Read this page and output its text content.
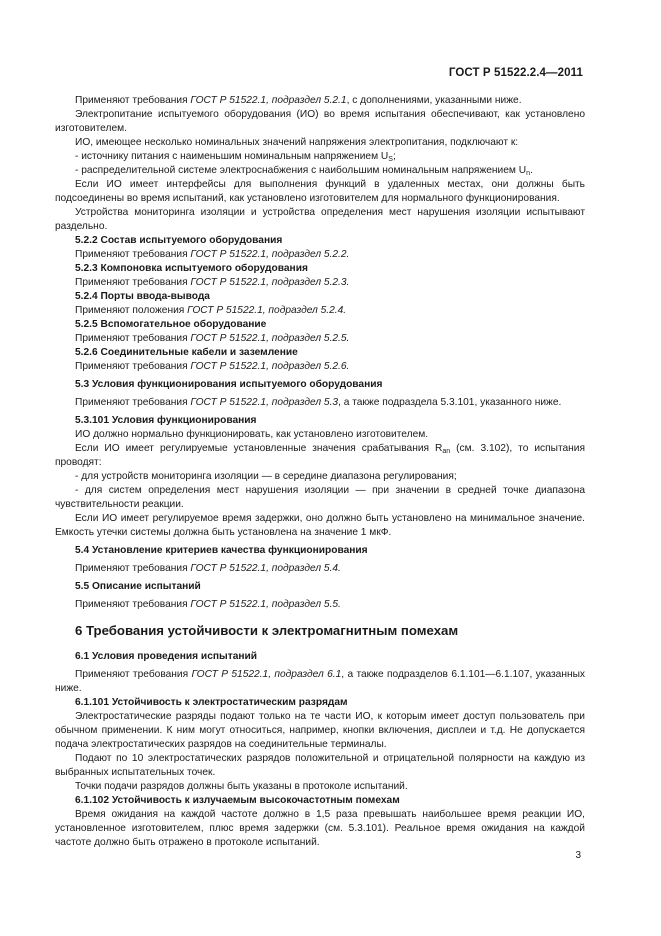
ГОСТ Р 51522.2.4—2011

Применяют требования ГОСТ Р 51522.1, подраздел 5.2.1, с дополнениями, указанными ниже.

Электропитание испытуемого оборудования (ИО) во время испытания обеспечивают, как установлено изготовителем.

ИО, имеющее несколько номинальных значений напряжения электропитания, подключают к:

- источнику питания с наименьшим номинальным напряжением $U_S$;

- распределительной системе электроснабжения с наибольшим номинальным напряжением $U_n$.

Если ИО имеет интерфейсы для выполнения функций в удаленных местах, они должны быть подсоединены во время испытаний, как установлено изготовителем для нормального функционирования.

Устройства мониторинга изоляции и устройства определения мест нарушения изоляции испытывают раздельно.

5.2.2 Состав испытуемого оборудования

Применяют требования ГОСТ Р 51522.1, подраздел 5.2.2.

5.2.3 Компоновка испытуемого оборудования

Применяют требования ГОСТ Р 51522.1, подраздел 5.2.3.

5.2.4 Порты ввода-вывода

Применяют положения ГОСТ Р 51522.1, подраздел 5.2.4.

5.2.5 Вспомогательное оборудование

Применяют требования ГОСТ Р 51522.1, подраздел 5.2.5.

5.2.6 Соединительные кабели и заземление

Применяют требования ГОСТ Р 51522.1, подраздел 5.2.6.

5.3 Условия функционирования испытуемого оборудования

Применяют требования ГОСТ Р 51522.1, подраздел 5.3, а также подраздела 5.3.101, указанного ниже.

5.3.101 Условия функционирования

ИО должно нормально функционировать, как установлено изготовителем.

Если ИО имеет регулируемые установленные значения срабатывания $R_{an}$ (см. 3.102), то испытания проводят:

- для устройств мониторинга изоляции — в середине диапазона регулирования;

- для систем определения мест нарушения изоляции — при значении в средней точке диапазона чувствительности реакции.

Если ИО имеет регулируемое время задержки, оно должно быть установлено на минимальное значение. Емкость утечки системы должна быть установлена на значение 1 мкФ.

5.4 Установление критериев качества функционирования

Применяют требования ГОСТ Р 51522.1, подраздел 5.4.

5.5 Описание испытаний

Применяют требования ГОСТ Р 51522.1, подраздел 5.5.

6 Требования устойчивости к электромагнитным помехам

6.1 Условия проведения испытаний

Применяют требования ГОСТ Р 51522.1, подраздел 6.1, а также подразделов 6.1.101—6.1.107, указанных ниже.

6.1.101 Устойчивость к электростатическим разрядам

Электростатические разряды подают только на те части ИО, к которым имеет доступ пользователь при обычном применении. К ним могут относиться, например, кнопки включения, дисплеи и т.д. Не допускается подача электростатических разрядов на соединительные терминалы.

Подают по 10 электростатических разрядов положительной и отрицательной полярности на каждую из выбранных испытательных точек.

Точки подачи разрядов должны быть указаны в протоколе испытаний.

6.1.102 Устойчивость к излучаемым высокочастотным помехам

Время ожидания на каждой частоте должно в 1,5 раза превышать наибольшее время реакции ИО, установленное изготовителем, плюс время задержки (см. 5.3.101). Реальное время ожидания на каждой частоте должно быть отражено в протоколе испытаний.

3
